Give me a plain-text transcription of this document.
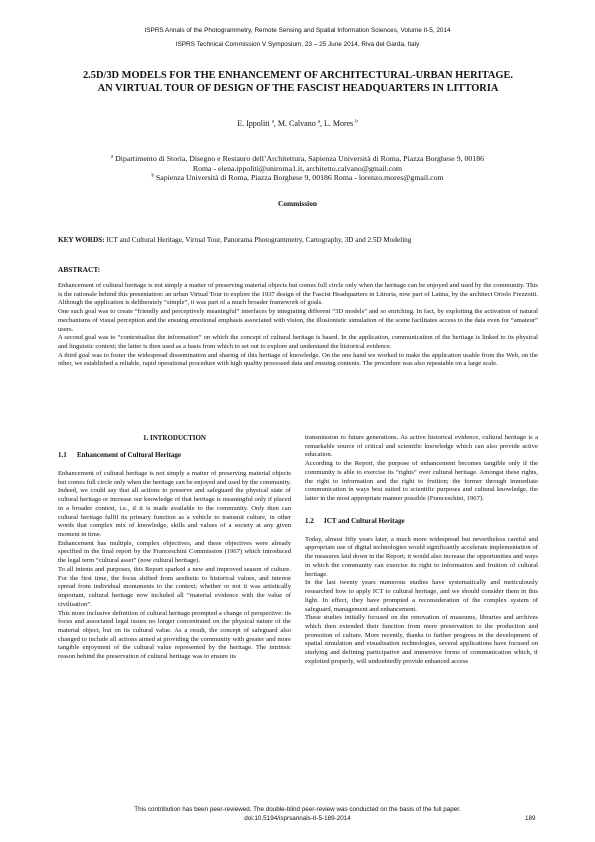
ISPRS Annals of the Photogrammetry, Remote Sensing and Spatial Information Sciences, Volume II-5, 2014
ISPRS Technical Commission V Symposium, 23 – 25 June 2014, Riva del Garda, Italy
2.5D/3D MODELS FOR THE ENHANCEMENT OF ARCHITECTURAL-URBAN HERITAGE.
AN VIRTUAL TOUR OF DESIGN OF THE FASCIST HEADQUARTERS IN LITTORIA
E. Ippoliti $^a$, M. Calvano $^a$, L. Mores $^b$
$^a$ Dipartimento di Storia, Disegno e Restauro dell’Architettura, Sapienza Università di Roma, Piazza Borghese 9, 00186
Roma - elena.ippoliti@uniroma1.it, architetto.calvano@gmail.com
$^b$ Sapienza Università di Roma, Piazza Borghese 9, 00186 Roma - lorenzo.mores@gmail.com
Commission
KEY WORDS: ICT and Cultural Heritage, Virtual Tour, Panorama Photogrammetry, Cartography, 3D and 2.5D Modeling
ABSTRACT:

Enhancement of cultural heritage is not simply a matter of preserving material objects but comes full circle only when the heritage can be enjoyed and used by the community. This is the rationale behind this presentation: an urban Virtual Tour to explore the 1937 design of the Fascist Headquarters in Littoria, now part of Latina, by the architect Oriolo Frezzotti. Although the application is deliberately “simple”, it was part of a much broader framework of goals.

One such goal was to create “friendly and perceptively meaningful” interfaces by integrating different “3D models” and so enriching. In fact, by exploiting the activation of natural mechanisms of visual perception and the ensuing emotional emphasis associated with vision, the illusionistic simulation of the scene facilitates access to the data even for “amateur” users.

A second goal was to “contextualise the information” on which the concept of cultural heritage is based. In the application, communication of the heritage is linked to its physical and linguistic context; the latter is then used as a basis from which to set out to explore and understand the historical evidence.

A third goal was to foster the widespread dissemination and sharing of this heritage of knowledge. On the one hand we worked to make the application usable from the Web, on the other, we established a reliable, rapid operational procedure with high quality processed data and ensuing contents. The procedure was also repeatable on a large scale.

1. INTRODUCTION
1.1 Enhancement of Cultural Heritage

Enhancement of cultural heritage is not simply a matter of preserving material objects but comes full circle only when the heritage can be enjoyed and used by the community. Indeed, we could say that all actions to preserve and safeguard the physical state of cultural heritage or increase our knowledge of that heritage is meaningful only if placed in a broader context, i.e., if it is made available to the community. Only then can cultural heritage fulfil its primary function as a vehicle to transmit culture, in other words that complex mix of knowledge, skills and values of a society at any given moment in time.

Enhancement has multiple, complex objectives, and these objectives were already specified in the final report by the Franceschini Commission (1967) which introduced the legal term “cultural asset” (now cultural heritage).

To all intents and purposes, this Report sparked a new and improved season of culture. For the first time, the focus shifted from aesthetic to historical values, and interest spread from individual monuments to the context; whether or not it was artistically important, cultural heritage now included all “material evidence with the value of civilisation”.

This more inclusive definition of cultural heritage prompted a change of perspective: its focus and associated legal issues no longer concentrated on the physical nature of the material object, but on its cultural value. As a result, the concept of safeguard also changed to include all actions aimed at providing the community with greater and more tangible enjoyment of the cultural value represented by the heritage. The intrinsic reason behind the preservation of cultural heritage was to ensure its

transmission to future generations. As active historical evidence, cultural heritage is a remarkable source of critical and scientific knowledge which can also provide active education.

According to the Report, the purpose of enhancement becomes tangible only if the community is able to exercise its “rights” over cultural heritage. Amongst these rights, the right to information and the right to fruition; the former through immediate communication in ways best suited to scientific purposes and cultural knowledge, the latter in the most appropriate manner possible (Franceschini, 1967).

1.2 ICT and Cultural Heritage

Today, almost fifty years later, a much more widespread but nevertheless careful and appropriate use of digital technologies would significantly accelerate implementation of the measures laid down in the Report; it would also increase the opportunities and ways in which the community can exercise its right to information and fruition of cultural heritage.

In the last twenty years numerous studies have systematically and meticulously researched how to apply ICT to cultural heritage, and we should consider them in this light. In effect, they have prompted a reconsideration of the complex system of safeguard, management and enhancement.

These studies initially focused on the renovation of museums, libraries and archives which then extended their function from mere preservation to the production and promotion of culture. More recently, thanks to further progress in the development of spatial simulation and visualisation technologies, several applications have focused on studying and defining participative and immersive forms of communication which, if exploited properly, will undoubtedly provide enhanced access

This contribution has been peer-reviewed. The double-blind peer-review was conducted on the basis of the full paper.
doi:10.5194/isprsannals-II-5-189-2014	189
